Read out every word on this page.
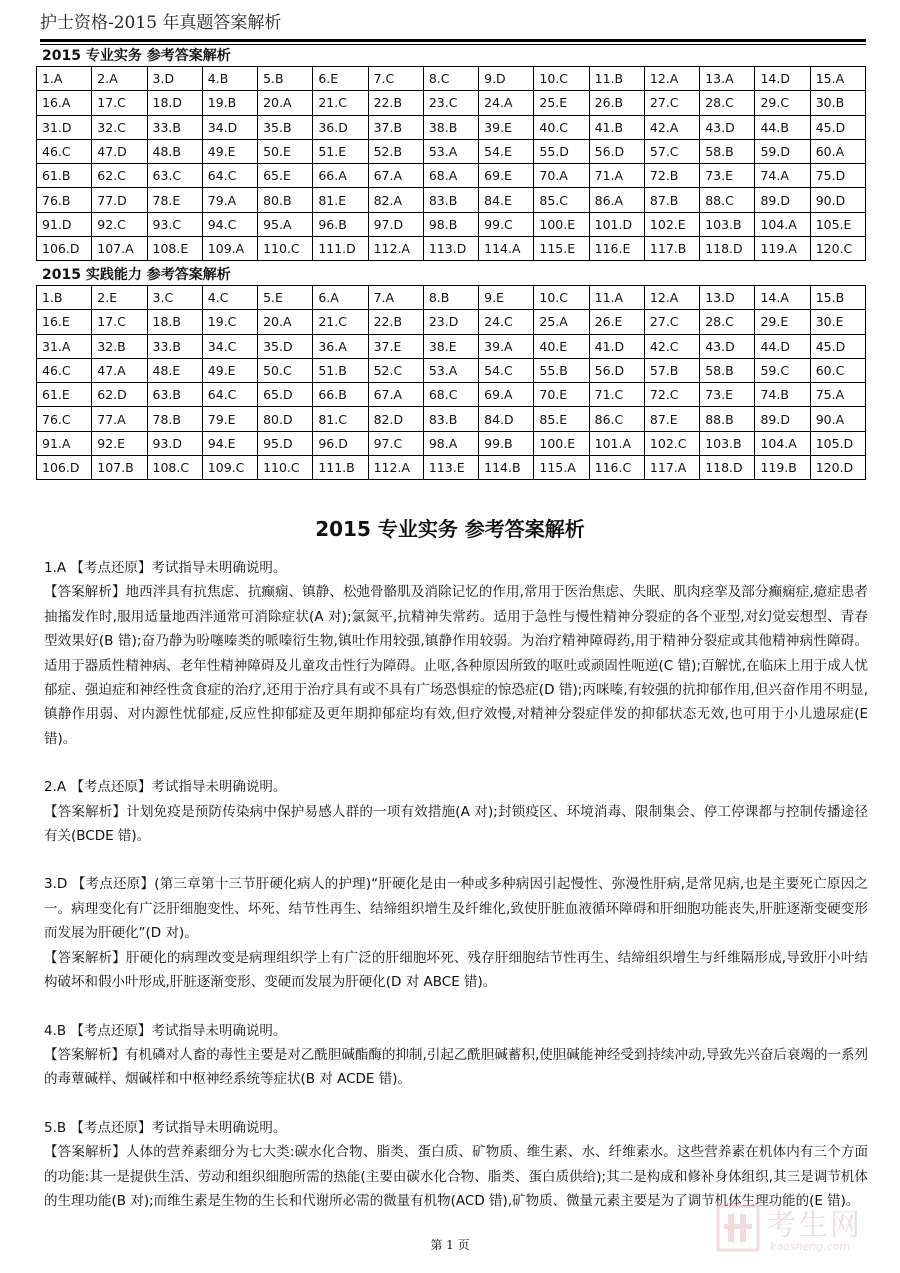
护士资格-2015 年真题答案解析
2015 专业实务 参考答案解析
1.A	2.A	3.D	4.B	5.B	6.E	7.C	8.C	9.D	10.C	11.B	12.A	13.A	14.D	15.A
16.A	17.C	18.D	19.B	20.A	21.C	22.B	23.C	24.A	25.E	26.B	27.C	28.C	29.C	30.B
31.D	32.C	33.B	34.D	35.B	36.D	37.B	38.B	39.E	40.C	41.B	42.A	43.D	44.B	45.D
46.C	47.D	48.B	49.E	50.E	51.E	52.B	53.A	54.E	55.D	56.D	57.C	58.B	59.D	60.A
61.B	62.C	63.C	64.C	65.E	66.A	67.A	68.A	69.E	70.A	71.A	72.B	73.E	74.A	75.D
76.B	77.D	78.E	79.A	80.B	81.E	82.A	83.B	84.E	85.C	86.A	87.B	88.C	89.D	90.D
91.D	92.C	93.C	94.C	95.A	96.B	97.D	98.B	99.C	100.E	101.D	102.E	103.B	104.A	105.E
106.D	107.A	108.E	109.A	110.C	111.D	112.A	113.D	114.A	115.E	116.E	117.B	118.D	119.A	120.C
2015 实践能力 参考答案解析
1.B	2.E	3.C	4.C	5.E	6.A	7.A	8.B	9.E	10.C	11.A	12.A	13.D	14.A	15.B
16.E	17.C	18.B	19.C	20.A	21.C	22.B	23.D	24.C	25.A	26.E	27.C	28.C	29.E	30.E
31.A	32.B	33.B	34.C	35.D	36.A	37.E	38.E	39.A	40.E	41.D	42.C	43.D	44.D	45.D
46.C	47.A	48.E	49.E	50.C	51.B	52.C	53.A	54.C	55.B	56.D	57.B	58.B	59.C	60.C
61.E	62.D	63.B	64.C	65.D	66.B	67.A	68.C	69.A	70.E	71.C	72.C	73.E	74.B	75.A
76.C	77.A	78.B	79.E	80.D	81.C	82.D	83.B	84.D	85.E	86.C	87.E	88.B	89.D	90.A
91.A	92.E	93.D	94.E	95.D	96.D	97.C	98.A	99.B	100.E	101.A	102.C	103.B	104.A	105.D
106.D	107.B	108.C	109.C	110.C	111.B	112.A	113.E	114.B	115.A	116.C	117.A	118.D	119.B	120.D
2015 专业实务 参考答案解析

1.A 【考点还原】考试指导未明确说明。

【答案解析】地西泮具有抗焦虑、抗癫痫、镇静、松弛骨骼肌及消除记忆的作用,常用于医治焦虑、失眠、肌肉痉挛及部分癫痫症,癔症患者抽搐发作时,服用适量地西泮通常可消除症状(A 对);氯氮平,抗精神失常药。适用于急性与慢性精神分裂症的各个亚型,对幻觉妄想型、青春型效果好(B 错);奋乃静为吩噻嗪类的哌嗪衍生物,镇吐作用较强,镇静作用较弱。为治疗精神障碍药,用于精神分裂症或其他精神病性障碍。适用于器质性精神病、老年性精神障碍及儿童攻击性行为障碍。止呕,各种原因所致的呕吐或顽固性呃逆(C 错);百解忧,在临床上用于成人忧郁症、强迫症和神经性贪食症的治疗,还用于治疗具有或不具有广场恐惧症的惊恐症(D 错);丙咪嗪,有较强的抗抑郁作用,但兴奋作用不明显,镇静作用弱、对内源性忧郁症,反应性抑郁症及更年期抑郁症均有效,但疗效慢,对精神分裂症伴发的抑郁状态无效,也可用于小儿遗尿症(E 错)。

2.A 【考点还原】考试指导未明确说明。

【答案解析】计划免疫是预防传染病中保护易感人群的一项有效措施(A 对);封锁疫区、环境消毒、限制集会、停工停课都与控制传播途径有关(BCDE 错)。

3.D 【考点还原】(第三章第十三节肝硬化病人的护理)“肝硬化是由一种或多种病因引起慢性、弥漫性肝病,是常见病,也是主要死亡原因之一。病理变化有广泛肝细胞变性、坏死、结节性再生、结缔组织增生及纤维化,致使肝脏血液循环障碍和肝细胞功能丧失,肝脏逐渐变硬变形而发展为肝硬化”(D 对)。

【答案解析】肝硬化的病理改变是病理组织学上有广泛的肝细胞坏死、残存肝细胞结节性再生、结缔组织增生与纤维隔形成,导致肝小叶结构破坏和假小叶形成,肝脏逐渐变形、变硬而发展为肝硬化(D 对 ABCE 错)。

4.B 【考点还原】考试指导未明确说明。

【答案解析】有机磷对人畜的毒性主要是对乙酰胆碱酯酶的抑制,引起乙酰胆碱蓄积,使胆碱能神经受到持续冲动,导致先兴奋后衰竭的一系列的毒蕈碱样、烟碱样和中枢神经系统等症状(B 对 ACDE 错)。

5.B 【考点还原】考试指导未明确说明。

【答案解析】人体的营养素细分为七大类:碳水化合物、脂类、蛋白质、矿物质、维生素、水、纤维素水。这些营养素在机体内有三个方面的功能:其一是提供生活、劳动和组织细胞所需的热能(主要由碳水化合物、脂类、蛋白质供给);其二是构成和修补身体组织,其三是调节机体的生理功能(B 对);而维生素是生物的生长和代谢所必需的微量有机物(ACD 错),矿物质、微量元素主要是为了调节机体生理功能的(E 错)。

第 1 页
考生网
kaosheng.com
